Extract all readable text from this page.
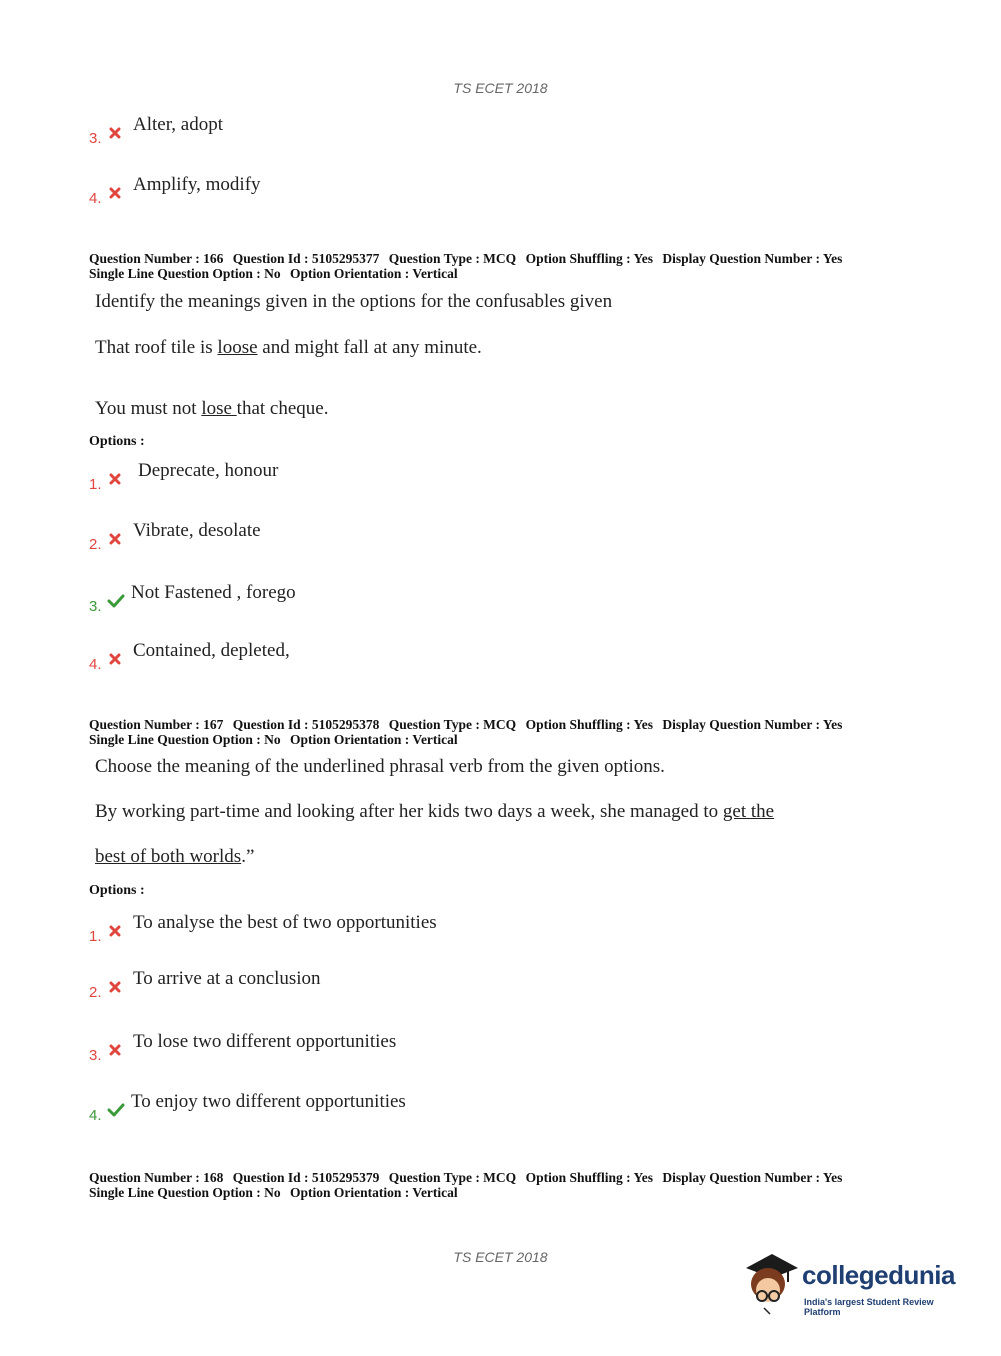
TS ECET 2018
3.
Alter, adopt
4.
Amplify, modify
Question Number : 166 Question Id : 5105295377 Question Type : MCQ Option Shuffling : Yes Display Question Number : Yes
Single Line Question Option : No Option Orientation : Vertical
Identify the meanings given in the options for the confusables given
That roof tile is loose and might fall at any minute.
You must not lose that cheque.
Options :
1.
Deprecate, honour
2.
Vibrate, desolate
3.
Not Fastened , forego
4.
Contained, depleted,
Question Number : 167 Question Id : 5105295378 Question Type : MCQ Option Shuffling : Yes Display Question Number : Yes
Single Line Question Option : No Option Orientation : Vertical
Choose the meaning of the underlined phrasal verb from the given options.
By working part-time and looking after her kids two days a week, she managed to get the
best of both worlds.”
Options :
1.
To analyse the best of two opportunities
2.
To arrive at a conclusion
3.
To lose two different opportunities
4.
To enjoy two different opportunities
Question Number : 168 Question Id : 5105295379 Question Type : MCQ Option Shuffling : Yes Display Question Number : Yes
Single Line Question Option : No Option Orientation : Vertical
TS ECET 2018
collegedunia
India's largest Student Review Platform
